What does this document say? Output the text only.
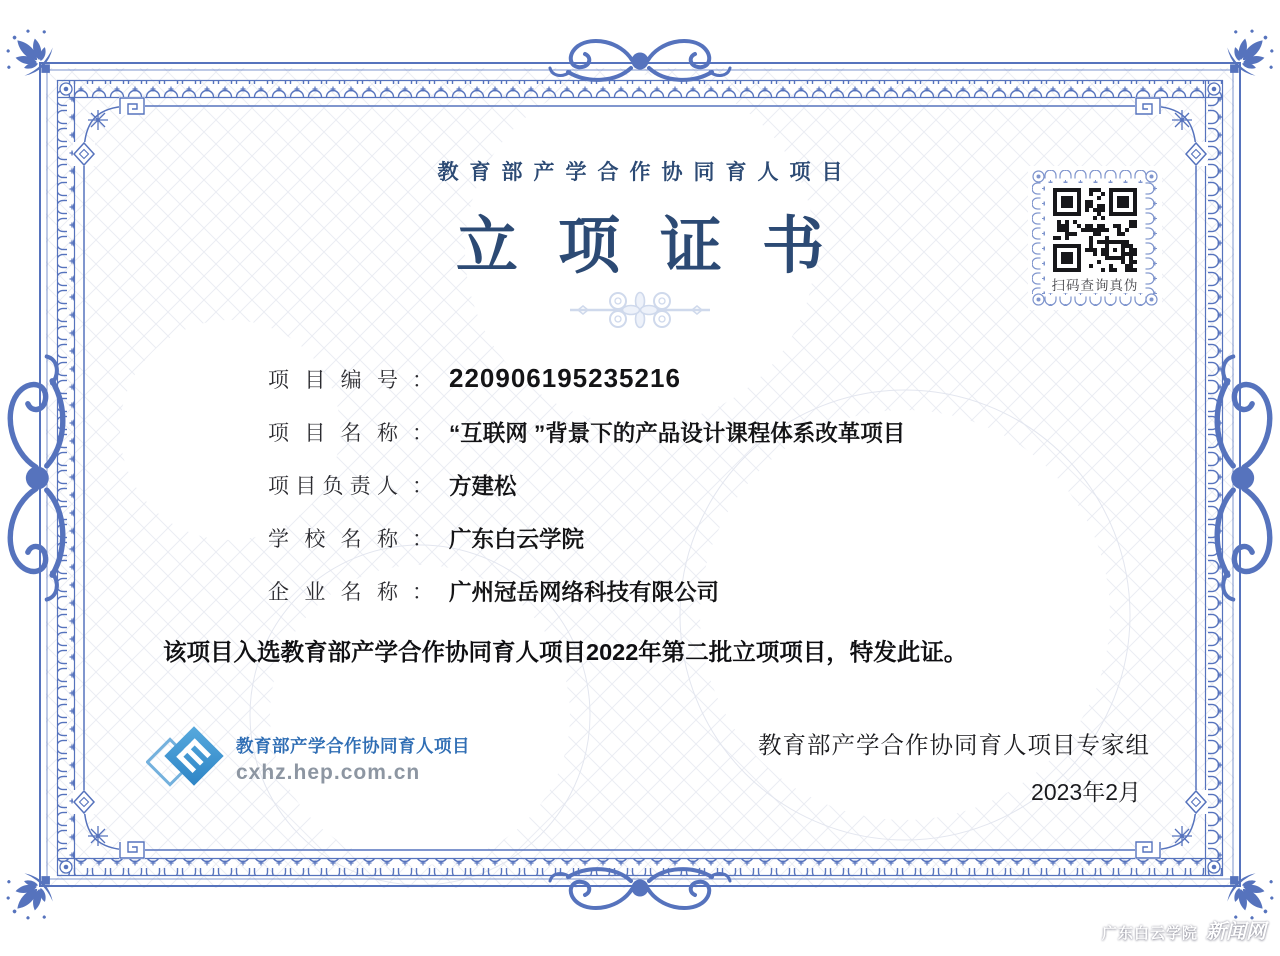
教育部产学合作协同育人项目
立项证书
扫码查询真伪
项目编号 ： 220906195235216
项目名称 ： “互联网 ”背景下的产品设计课程体系改革项目
项目负责人 ： 方建松
学校名称 ： 广东白云学院
企业名称 ： 广州冠岳网络科技有限公司
该项目入选教育部产学合作协同育人项目2022年第二批立项项目，特发此证。
教育部产学合作协同育人项目
cxhz.hep.com.cn
教育部产学合作协同育人项目专家组
2023年2月
广东白云学院 新闻网
